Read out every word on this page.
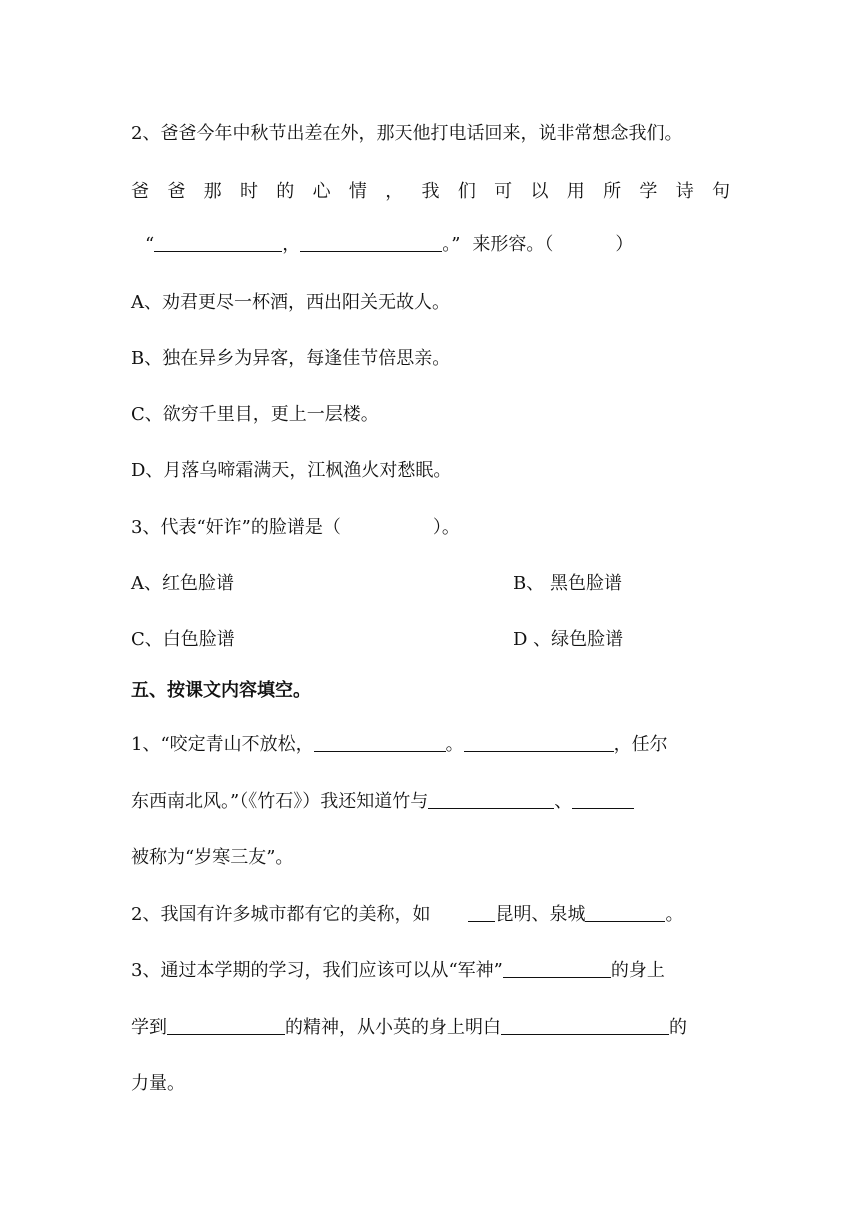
2、爸爸今年中秋节出差在外，那天他打电话回来，说非常想念我们。
爸 爸 那 时 的 心 情 ， 我 们 可 以 用 所 学 诗 句
“	，	。” 来形容。（	）
A、劝君更尽一杯酒，西出阳关无故人。
B、独在异乡为异客，每逢佳节倍思亲。
C、欲穷千里目，更上一层楼。
D、月落乌啼霜满天，江枫渔火对愁眠。
3、代表“奸诈”的脸谱是（	）。
A、红色脸谱	B、 黑色脸谱
C、白色脸谱	D 、绿色脸谱
五、按课文内容填空。
1、“咬定青山不放松，	。	，任尔
东西南北风。”（《竹石》）我还知道竹与	、
被称为“岁寒三友”。
2、我国有许多城市都有它的美称，如	昆明、泉城	。
3、通过本学期的学习，我们应该可以从“军神”	的身上
学到	的精神，从小英的身上明白	的
力量。
